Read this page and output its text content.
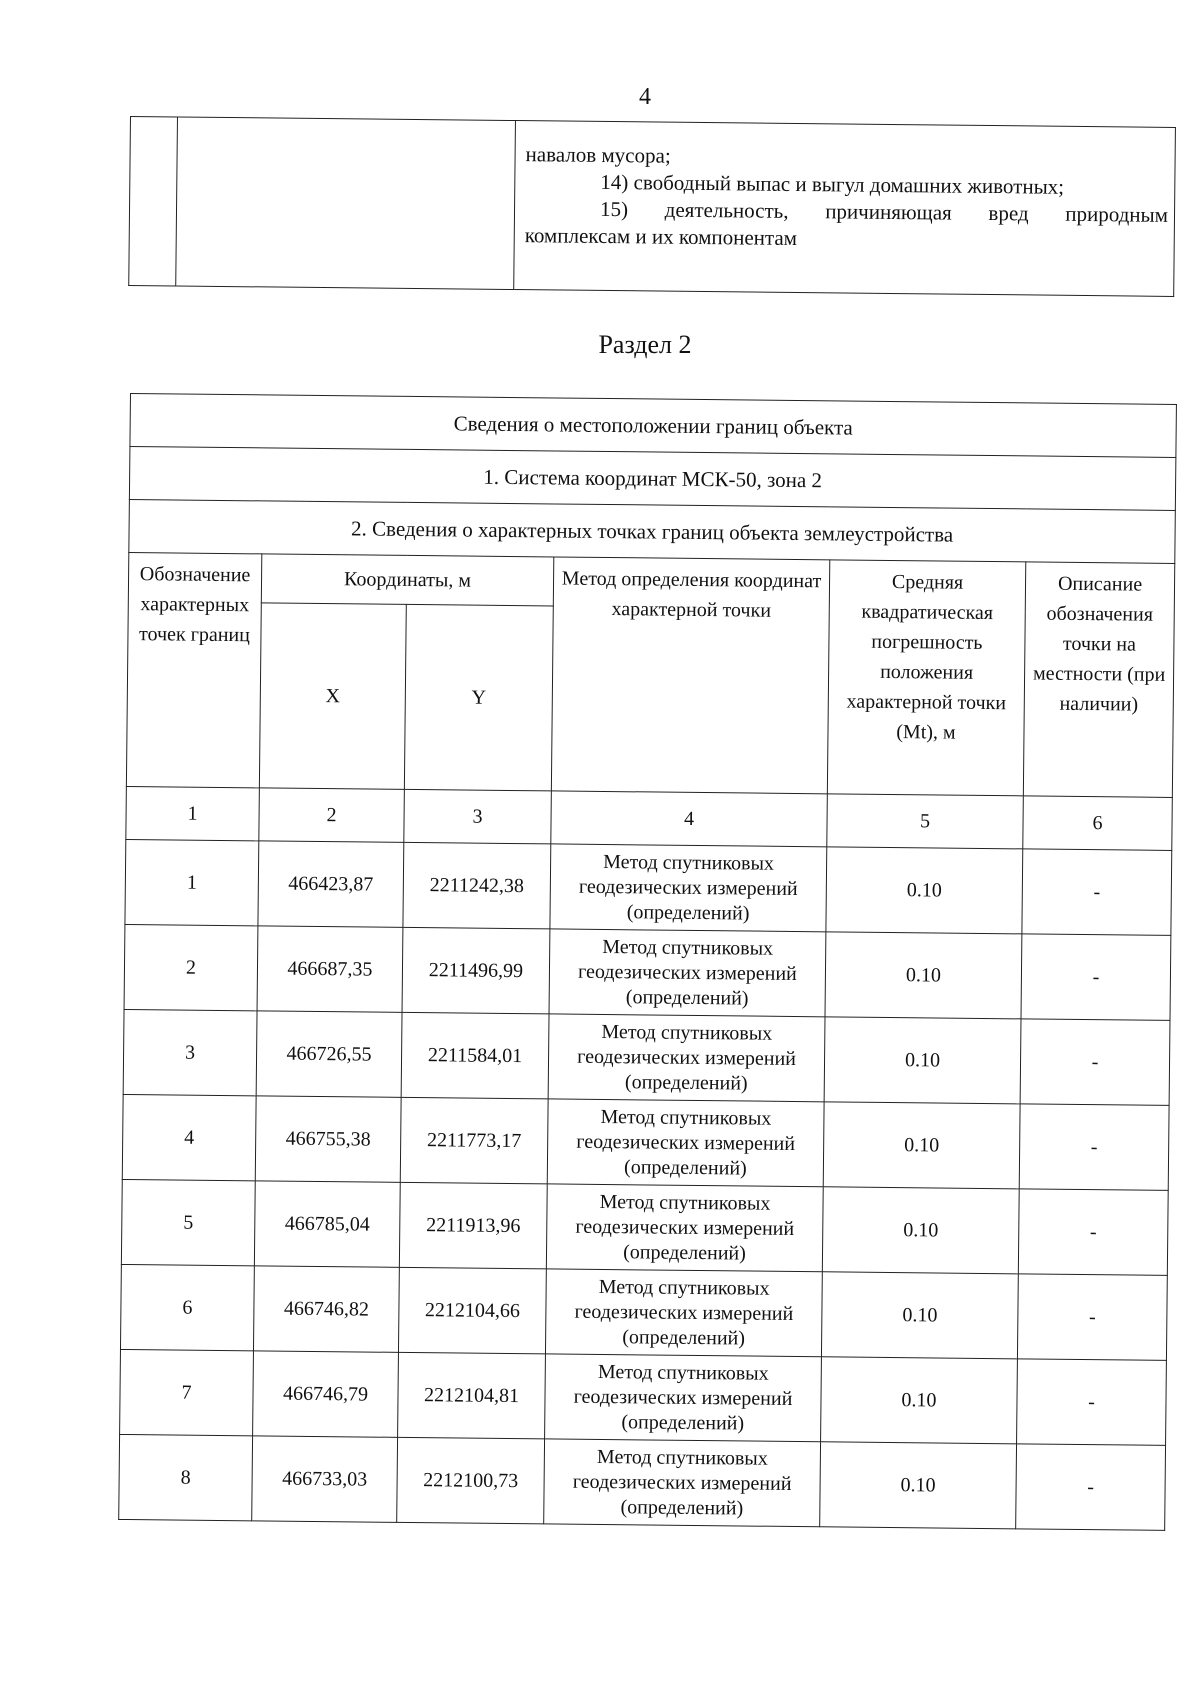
4

навалов мусора;
14) свободный выпас и выгул домашних животных;
15) деятельность, причиняющая вред природным
комплексам и их компонентам
Раздел 2
Сведения о местоположении границ объекта					
1. Система координат МСК-50, зона 2					
2. Сведения о характерных точках границ объекта землеустройства					
Обозначение характерных точек границ	Координаты, м		Метод определения координат характерной точки	Средняя квадратическая погрешность положения характерной точки (Mt), м	Описание обозначения точки на местности (при наличии)
	X	Y			
1	2	3	4	5	6
1	466423,87	2211242,38	Метод спутниковых геодезических измерений (определений)	0.10	-
2	466687,35	2211496,99	Метод спутниковых геодезических измерений (определений)	0.10	-
3	466726,55	2211584,01	Метод спутниковых геодезических измерений (определений)	0.10	-
4	466755,38	2211773,17	Метод спутниковых геодезических измерений (определений)	0.10	-
5	466785,04	2211913,96	Метод спутниковых геодезических измерений (определений)	0.10	-
6	466746,82	2212104,66	Метод спутниковых геодезических измерений (определений)	0.10	-
7	466746,79	2212104,81	Метод спутниковых геодезических измерений (определений)	0.10	-
8	466733,03	2212100,73	Метод спутниковых геодезических измерений (определений)	0.10	-
